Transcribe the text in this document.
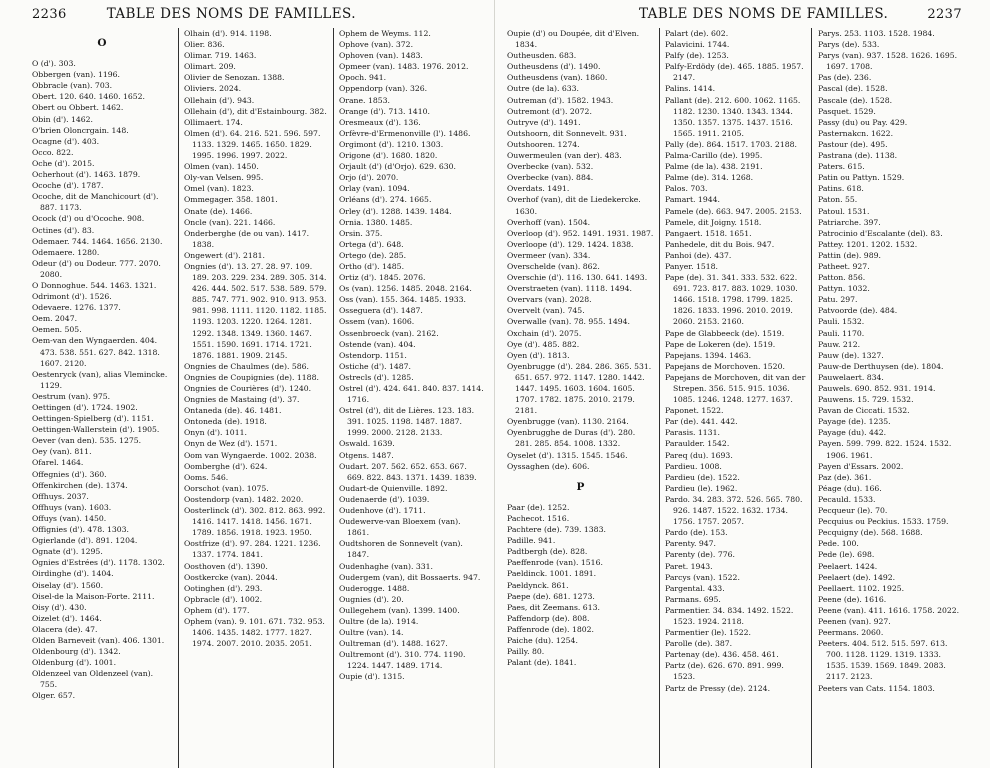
2236	TABLE DES NOMS DE FAMILLES.
O
O (d'). 303.
Obbergen (van). 1196.
Obbracle (van). 703.
Obert. 120. 640. 1460. 1652.
Obert ou Obbert. 1462.
Obin (d'). 1462.
O'brien Oloncrgain. 148.
Ocagne (d'). 403.
Occo. 822.
Oche (d'). 2015.
Ocherhout (d'). 1463. 1879.
Ocoche (d'). 1787.
Ocoche, dit de Manchicourt (d'). 887. 1173.
Ocock (d') ou d'Ocoche. 908.
Octines (d'). 83.
Odemaer. 744. 1464. 1656. 2130.
Odemaere. 1280.
Odeur (d') ou Dodeur. 777. 2070. 2080.
O Donnoghue. 544. 1463. 1321.
Odrimont (d'). 1526.
Odevaere. 1276. 1377.
Oem. 2047.
Oemen. 505.
Oem-van den Wyngaerden. 404. 473. 538. 551. 627. 842. 1318. 1607. 2120.
Oestenryck (van), alias Vlemincke. 1129.
Oestrum (van). 975.
Oettingen (d'). 1724. 1902.
Oettingen-Spielberg (d'). 1151.
Oettingen-Wallerstein (d'). 1905.
Oever (van den). 535. 1275.
Oey (van). 811.
Ofarel. 1464.
Offegnies (d'). 360.
Offenkirchen (de). 1374.
Offhuys. 2037.
Offhuys (van). 1603.
Offuys (van). 1450.
Offignies (d'). 478. 1303.
Ogierlande (d'). 891. 1204.
Ognate (d'). 1295.
Ognies d'Estrées (d'). 1178. 1302.
Oirdinghe (d'). 1404.
Oiselay (d'). 1560.
Oisel-de la Maison-Forte. 2111.
Oisy (d'). 430.
Oizelet (d'). 1464.
Olacera (de). 47.
Olden Barneveit (van). 406. 1301.
Oldenbourg (d'). 1342.
Oldenburg (d'). 1001.
Oldenzeel van Oldenzeel (van). 755.
Olger. 657.
Olhain (d'). 914. 1198.
Olier. 836.
Olimar. 719. 1463.
Olimart. 209.
Olivier de Senozan. 1388.
Oliviers. 2024.
Ollehain (d'). 943.
Ollehain (d'), dit d'Estainbourg. 382.
Ollimaert. 174.
Olmen (d'). 64. 216. 521. 596. 597. 1133. 1329. 1465. 1650. 1829. 1995. 1996. 1997. 2022.
Olmen (van). 1450.
Oly-van Velsen. 995.
Omel (van). 1823.
Ommegager. 358. 1801.
Onate (de). 1466.
Oncle (van). 221. 1466.
Onderberghe (de ou van). 1417. 1838.
Ongewert (d'). 2181.
Ongnies (d'). 13. 27. 28. 97. 109. 189. 203. 229. 234. 289. 305. 314. 426. 444. 502. 517. 538. 589. 579. 885. 747. 771. 902. 910. 913. 953. 981. 998. 1111. 1120. 1182. 1185. 1193. 1203. 1220. 1264. 1281. 1292. 1348. 1349. 1360. 1467. 1551. 1590. 1691. 1714. 1721. 1876. 1881. 1909. 2145.
Ongnies de Chaulmes (de). 586.
Ongnies de Coupignies (de). 1188.
Ongnies de Courières (d'). 1240.
Ongnies de Mastaing (d'). 37.
Ontaneda (de). 46. 1481.
Ontoneda (de). 1918.
Onyn (d'). 1011.
Onyn de Wez (d'). 1571.
Oom van Wyngaerde. 1002. 2038.
Oomberghe (d'). 624.
Ooms. 546.
Oorschot (van). 1075.
Oostendorp (van). 1482. 2020.
Oosterlinck (d'). 302. 812. 863. 992. 1416. 1417. 1418. 1456. 1671. 1789. 1856. 1918. 1923. 1950.
Oostfrize (d'). 97. 284. 1221. 1236. 1337. 1774. 1841.
Oosthoven (d'). 1390.
Oostkercke (van). 2044.
Ootinghen (d'). 293.
Opbracle (d'). 1002.
Ophem (d'). 177.
Ophem (van). 9. 101. 671. 732. 953. 1406. 1435. 1482. 1777. 1827. 1974. 2007. 2010. 2035. 2051.
Ophem de Weyms. 112.
Ophove (van). 372.
Ophoven (van). 1483.
Opmeer (van). 1483. 1976. 2012.
Opoch. 941.
Oppendorp (van). 326.
Orane. 1853.
Orange (d'). 713. 1410.
Oresmeaux (d'). 136.
Orfèvre-d'Ermenonville (l'). 1486.
Orgimont (d'). 1210. 1303.
Origone (d'). 1680. 1820.
Orjault (d') (d'Orjo). 629. 630.
Orjo (d'). 2070.
Orlay (van). 1094.
Orléans (d'). 274. 1665.
Orley (d'). 1288. 1439. 1484.
Ornia. 1380. 1485.
Orsin. 375.
Ortega (d'). 648.
Ortego (de). 285.
Ortho (d'). 1485.
Ortiz (d'). 1845. 2076.
Os (van). 1256. 1485. 2048. 2164.
Oss (van). 155. 364. 1485. 1933.
Osseguera (d'). 1487.
Ossem (van). 1606.
Ossenbroeck (van). 2162.
Ostende (van). 404.
Ostendorp. 1151.
Ostiche (d'). 1487.
Ostrecls (d'). 1285.
Ostrel (d'). 424. 641. 840. 837. 1414. 1716.
Ostrel (d'), dit de Lières. 123. 183. 391. 1025. 1198. 1487. 1887. 1999. 2000. 2128. 2133.
Oswald. 1639.
Otgens. 1487.
Oudart. 207. 562. 652. 653. 667. 669. 822. 843. 1371. 1439. 1839.
Oudart-de Quienville. 1892.
Oudenaerde (d'). 1039.
Oudenhove (d'). 1711.
Oudewerve-van Bloexem (van). 1861.
Oudtshoren de Sonnevelt (van). 1847.
Oudenhaghe (van). 331.
Oudergem (van), dit Bossaerts. 947.
Ouderogge. 1488.
Ougnies (d'). 20.
Oullegehem (van). 1399. 1400.
Oultre (de la). 1914.
Oultre (van). 14.
Oultreman (d'). 1488. 1627.
Oultremont (d'). 310. 774. 1190. 1224. 1447. 1489. 1714.
Oupie (d'). 1315.
TABLE DES NOMS DE FAMILLES.	2237
Oupie (d') ou Doupée, dit d'Elven. 1834.
Outheusden. 683.
Outheusdens (d'). 1490.
Outheusdens (van). 1860.
Outre (de la). 633.
Outreman (d'). 1582. 1943.
Outremont (d'). 2072.
Outryve (d'). 1491.
Outshoorn, dit Sonnevelt. 931.
Outshooren. 1274.
Ouwermeulen (van der). 483.
Overbecke (van). 532.
Overbecke (van). 884.
Overdats. 1491.
Overhof (van), dit de Liedekercke. 1630.
Overhoff (van). 1504.
Overloop (d'). 952. 1491. 1931. 1987.
Overloope (d'). 129. 1424. 1838.
Overmeer (van). 334.
Overschelde (van). 862.
Overschie (d'). 116. 130. 641. 1493.
Overstraeten (van). 1118. 1494.
Overvars (van). 2028.
Overvelt (van). 745.
Overwalle (van). 78. 955. 1494.
Oxchain (d'). 2075.
Oye (d'). 485. 882.
Oyen (d'). 1813.
Oyenbrugge (d'). 284. 286. 365. 531. 651. 657. 972. 1147. 1280. 1442. 1447. 1495. 1603. 1604. 1605. 1707. 1782. 1875. 2010. 2179. 2181.
Oyenbrugge (van). 1130. 2164.
Oyenbrugghe de Duras (d'). 280. 281. 285. 854. 1008. 1332.
Oyselet (d'). 1315. 1545. 1546.
Oyssaghen (de). 606.
P
Paar (de). 1252.
Pachecot. 1516.
Pachtere (de). 739. 1383.
Padille. 941.
Padtbergh (de). 828.
Paeffenrode (van). 1516.
Paeldinck. 1001. 1891.
Paeldynck. 861.
Paepe (de). 681. 1273.
Paes, dit Zeemans. 613.
Paffendorp (de). 808.
Paffenrode (de). 1802.
Paiche (du). 1254.
Pailly. 80.
Palant (de). 1841.
Palart (de). 602.
Palavicini. 1744.
Palfy (de). 1253.
Palfy-Erdödy (de). 465. 1885. 1957. 2147.
Palins. 1414.
Pallant (de). 212. 600. 1062. 1165. 1182. 1230. 1340. 1343. 1344. 1350. 1357. 1375. 1437. 1516. 1565. 1911. 2105.
Pally (de). 864. 1517. 1703. 2188.
Palma-Carillo (de). 1995.
Palme (de la). 438. 2191.
Palme (de). 314. 1268.
Palos. 703.
Pamart. 1944.
Pamele (de). 663. 947. 2005. 2153.
Pamele, dit Joigny. 1518.
Pangaert. 1518. 1651.
Panhedele, dit du Bois. 947.
Panhoi (de). 437.
Panyer. 1518.
Pape (de). 31. 341. 333. 532. 622. 691. 723. 817. 883. 1029. 1030. 1466. 1518. 1798. 1799. 1825. 1826. 1833. 1996. 2010. 2019. 2060. 2153. 2160.
Pape de Glabbeeck (de). 1519.
Pape de Lokeren (de). 1519.
Papejans. 1394. 1463.
Papejans de Morchoven. 1520.
Papejans de Morchoven, dit van der Strepen. 356. 515. 915. 1036. 1085. 1246. 1248. 1277. 1637.
Paponet. 1522.
Par (de). 441. 442.
Parasis. 1131.
Paraulder. 1542.
Pareq (du). 1693.
Pardieu. 1008.
Pardieu (de). 1522.
Pardieu (le). 1962.
Pardo. 34. 283. 372. 526. 565. 780. 926. 1487. 1522. 1632. 1734. 1756. 1757. 2057.
Pardo (de). 153.
Parenty. 947.
Parenty (de). 776.
Paret. 1943.
Parcys (van). 1522.
Pargental. 433.
Parmans. 695.
Parmentier. 34. 834. 1492. 1522. 1523. 1924. 2118.
Parmentier (le). 1522.
Parolle (de). 387.
Partenay (de). 436. 458. 461.
Partz (de). 626. 670. 891. 999. 1523.
Partz de Pressy (de). 2124.
Parys. 253. 1103. 1528. 1984.
Parys (de). 533.
Parys (van). 937. 1528. 1626. 1695. 1697. 1708.
Pas (de). 236.
Pascal (de). 1528.
Pascale (de). 1528.
Pasquet. 1529.
Passy (du) ou Pay. 429.
Pasternakcn. 1622.
Pastour (de). 495.
Pastrana (de). 1138.
Paters. 615.
Patin ou Pattyn. 1529.
Patins. 618.
Paton. 55.
Patoul. 1531.
Patriarche. 397.
Patrocinio d'Escalante (del). 83.
Pattey. 1201. 1202. 1532.
Pattin (de). 989.
Patheet. 927.
Patton. 856.
Pattyn. 1032.
Patu. 297.
Patvoorde (de). 484.
Pauli. 1532.
Pauli. 1170.
Pauw. 212.
Pauw (de). 1327.
Pauw-de Derthuysen (de). 1804.
Pauwelaert. 834.
Pauwels. 690. 852. 931. 1914.
Pauwens. 15. 729. 1532.
Pavan de Ciccati. 1532.
Payage (de). 1235.
Payage (du). 442.
Payen. 599. 799. 822. 1524. 1532. 1906. 1961.
Payen d'Essars. 2002.
Paz (de). 361.
Péage (du). 166.
Pecauld. 1533.
Pecqueur (le). 70.
Pecquius ou Peckius. 1533. 1759.
Pecquigny (de). 568. 1688.
Pede. 100.
Pede (le). 698.
Peelaert. 1424.
Peelaert (de). 1492.
Peellaert. 1102. 1925.
Peene (de). 1616.
Peene (van). 411. 1616. 1758. 2022.
Peenen (van). 927.
Peermans. 2060.
Peeters. 404. 512. 515. 597. 613. 700. 1128. 1129. 1319. 1333. 1535. 1539. 1569. 1849. 2083. 2117. 2123.
Peeters van Cats. 1154. 1803.
